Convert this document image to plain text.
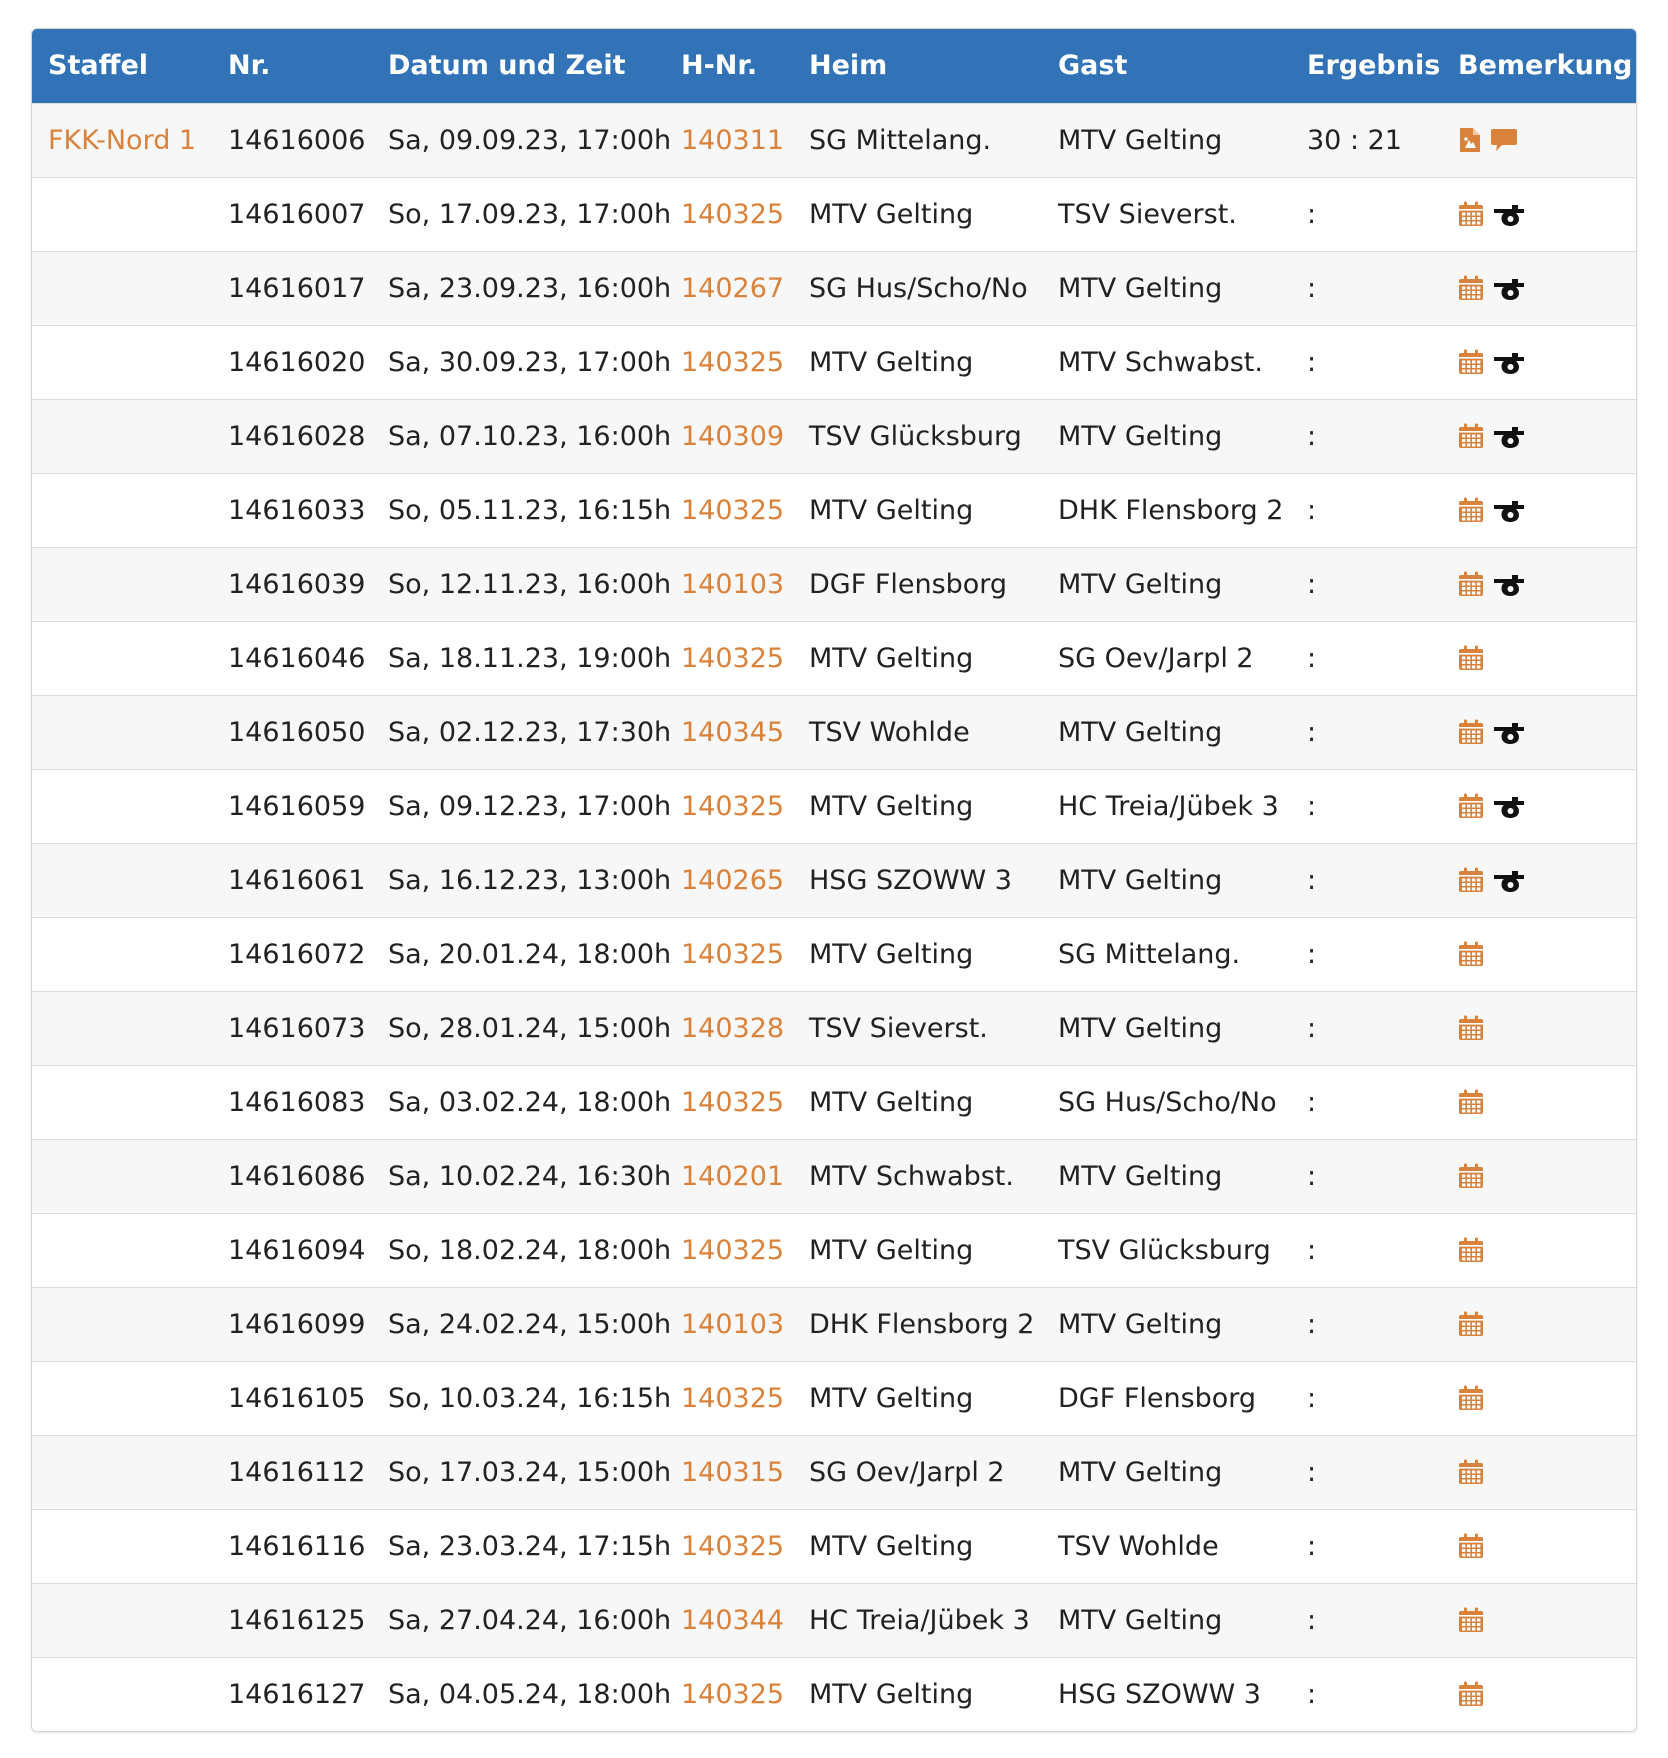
Staffel	Nr.	Datum und Zeit	H-Nr.	Heim	Gast	Ergebnis	Bemerkung
FKK-Nord 1	14616006	Sa, 09.09.23, 17:00h	140311	SG Mittelang.	MTV Gelting	30 : 21	

	14616007	So, 17.09.23, 17:00h	140325	MTV Gelting	TSV Sieverst.	:	

	14616017	Sa, 23.09.23, 16:00h	140267	SG Hus/Scho/No	MTV Gelting	:	

	14616020	Sa, 30.09.23, 17:00h	140325	MTV Gelting	MTV Schwabst.	:	

	14616028	Sa, 07.10.23, 16:00h	140309	TSV Glücksburg	MTV Gelting	:	

	14616033	So, 05.11.23, 16:15h	140325	MTV Gelting	DHK Flensborg 2	:	

	14616039	So, 12.11.23, 16:00h	140103	DGF Flensborg	MTV Gelting	:	

	14616046	Sa, 18.11.23, 19:00h	140325	MTV Gelting	SG Oev/Jarpl 2	:	

	14616050	Sa, 02.12.23, 17:30h	140345	TSV Wohlde	MTV Gelting	:	

	14616059	Sa, 09.12.23, 17:00h	140325	MTV Gelting	HC Treia/Jübek 3	:	

	14616061	Sa, 16.12.23, 13:00h	140265	HSG SZOWW 3	MTV Gelting	:	

	14616072	Sa, 20.01.24, 18:00h	140325	MTV Gelting	SG Mittelang.	:	

	14616073	So, 28.01.24, 15:00h	140328	TSV Sieverst.	MTV Gelting	:	

	14616083	Sa, 03.02.24, 18:00h	140325	MTV Gelting	SG Hus/Scho/No	:	

	14616086	Sa, 10.02.24, 16:30h	140201	MTV Schwabst.	MTV Gelting	:	

	14616094	So, 18.02.24, 18:00h	140325	MTV Gelting	TSV Glücksburg	:	

	14616099	Sa, 24.02.24, 15:00h	140103	DHK Flensborg 2	MTV Gelting	:	

	14616105	So, 10.03.24, 16:15h	140325	MTV Gelting	DGF Flensborg	:	

	14616112	So, 17.03.24, 15:00h	140315	SG Oev/Jarpl 2	MTV Gelting	:	

	14616116	Sa, 23.03.24, 17:15h	140325	MTV Gelting	TSV Wohlde	:	

	14616125	Sa, 27.04.24, 16:00h	140344	HC Treia/Jübek 3	MTV Gelting	:	

	14616127	Sa, 04.05.24, 18:00h	140325	MTV Gelting	HSG SZOWW 3	:	
